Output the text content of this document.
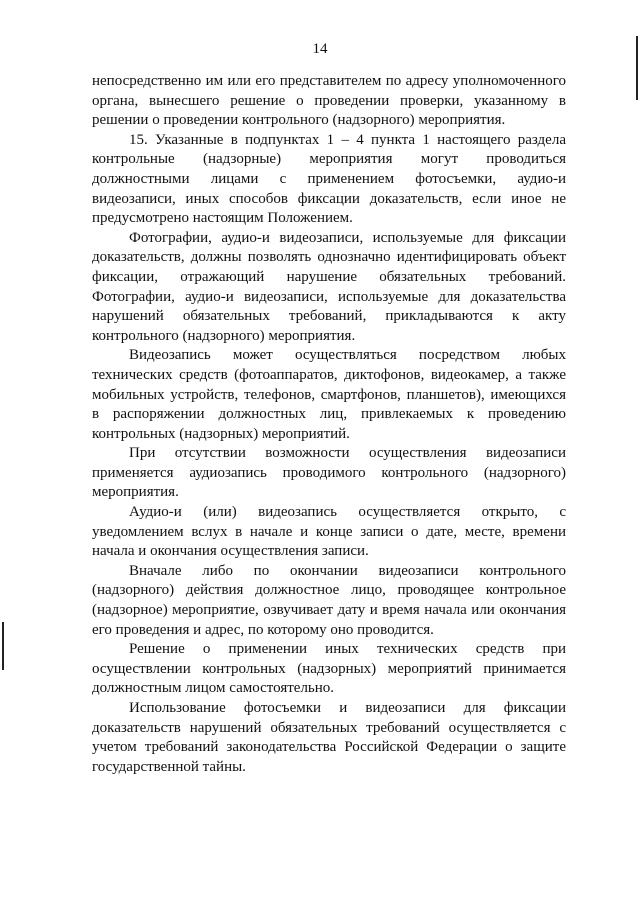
14

непосредственно им или его представителем по адресу уполномоченного органа, вынесшего решение о проведении проверки, указанному в решении о проведении контрольного (надзорного) мероприятия.

15. Указанные в подпунктах 1 – 4 пункта 1 настоящего раздела контрольные (надзорные) мероприятия могут проводиться должностными лицами с применением фотосъемки, аудио-и видеозаписи, иных способов фиксации доказательств, если иное не предусмотрено настоящим Положением.

Фотографии, аудио-и видеозаписи, используемые для фиксации доказательств, должны позволять однозначно идентифицировать объект фиксации, отражающий нарушение обязательных требований. Фотографии, аудио-и видеозаписи, используемые для доказательства нарушений обязательных требований, прикладываются к акту контрольного (надзорного) мероприятия.

Видеозапись может осуществляться посредством любых технических средств (фотоаппаратов, диктофонов, видеокамер, а также мобильных устройств, телефонов, смартфонов, планшетов), имеющихся в распоряжении должностных лиц, привлекаемых к проведению контрольных (надзорных) мероприятий.

При отсутствии возможности осуществления видеозаписи применяется аудиозапись проводимого контрольного (надзорного) мероприятия.

Аудио-и (или) видеозапись осуществляется открыто, с уведомлением вслух в начале и конце записи о дате, месте, времени начала и окончания осуществления записи.

Вначале либо по окончании видеозаписи контрольного (надзорного) действия должностное лицо, проводящее контрольное (надзорное) мероприятие, озвучивает дату и время начала или окончания его проведения и адрес, по которому оно проводится.

Решение о применении иных технических средств при осуществлении контрольных (надзорных) мероприятий принимается должностным лицом самостоятельно.

Использование фотосъемки и видеозаписи для фиксации доказательств нарушений обязательных требований осуществляется с учетом требований законодательства Российской Федерации о защите государственной тайны.
